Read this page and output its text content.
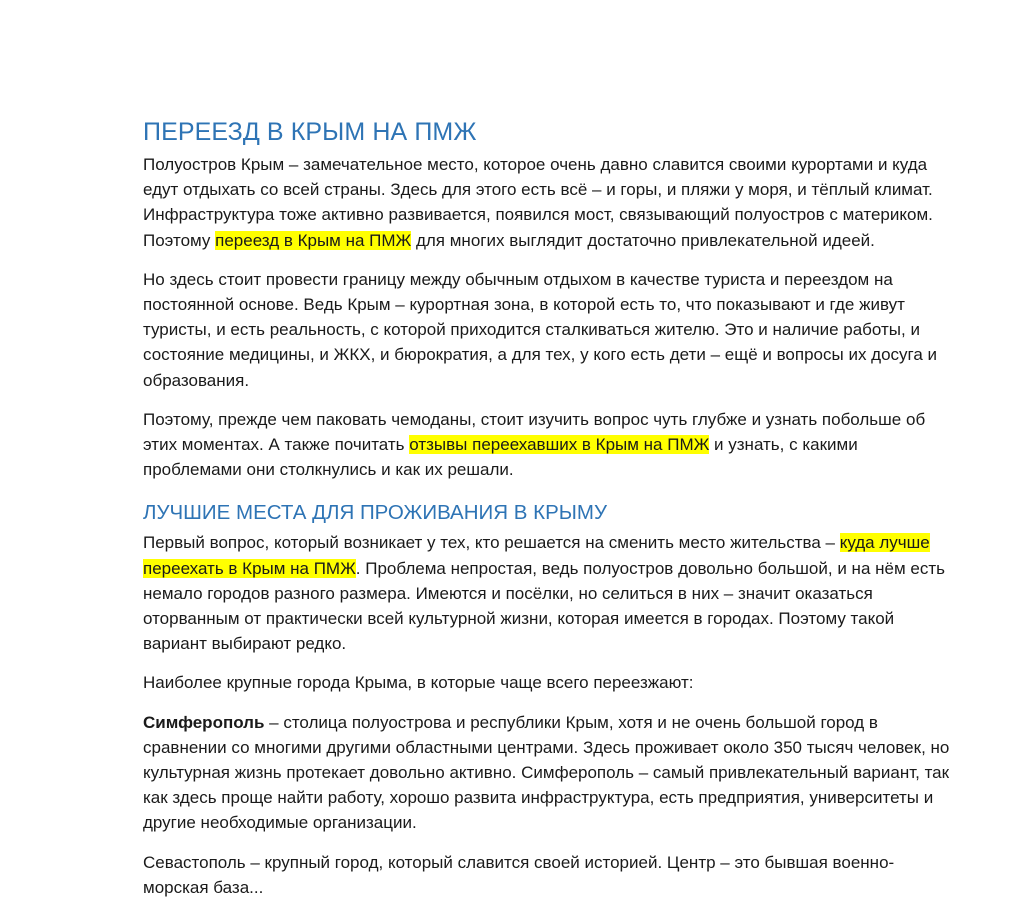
ПЕРЕЕЗД В КРЫМ НА ПМЖ

Полуостров Крым – замечательное место, которое очень давно славится своими курортами и куда едут отдыхать со всей страны. Здесь для этого есть всё – и горы, и пляжи у моря, и тёплый климат. Инфраструктура тоже активно развивается, появился мост, связывающий полуостров с материком. Поэтому переезд в Крым на ПМЖ для многих выглядит достаточно привлекательной идеей.

Но здесь стоит провести границу между обычным отдыхом в качестве туриста и переездом на постоянной основе. Ведь Крым – курортная зона, в которой есть то, что показывают и где живут туристы, и есть реальность, с которой приходится сталкиваться жителю. Это и наличие работы, и состояние медицины, и ЖКХ, и бюрократия, а для тех, у кого есть дети – ещё и вопросы их досуга и образования.

Поэтому, прежде чем паковать чемоданы, стоит изучить вопрос чуть глубже и узнать побольше об этих моментах. А также почитать отзывы переехавших в Крым на ПМЖ и узнать, с какими проблемами они столкнулись и как их решали.

ЛУЧШИЕ МЕСТА ДЛЯ ПРОЖИВАНИЯ В КРЫМУ

Первый вопрос, который возникает у тех, кто решается на сменить место жительства – куда лучше переехать в Крым на ПМЖ. Проблема непростая, ведь полуостров довольно большой, и на нём есть немало городов разного размера. Имеются и посёлки, но селиться в них – значит оказаться оторванным от практически всей культурной жизни, которая имеется в городах. Поэтому такой вариант выбирают редко.

Наиболее крупные города Крыма, в которые чаще всего переезжают:

Симферополь – столица полуострова и республики Крым, хотя и не очень большой город в сравнении со многими другими областными центрами. Здесь проживает около 350 тысяч человек, но культурная жизнь протекает довольно активно. Симферополь – самый привлекательный вариант, так как здесь проще найти работу, хорошо развита инфраструктура, есть предприятия, университеты и другие необходимые организации.

Севастополь – крупный город, который славится своей историей. Центр – это бывшая военно-морская база...
